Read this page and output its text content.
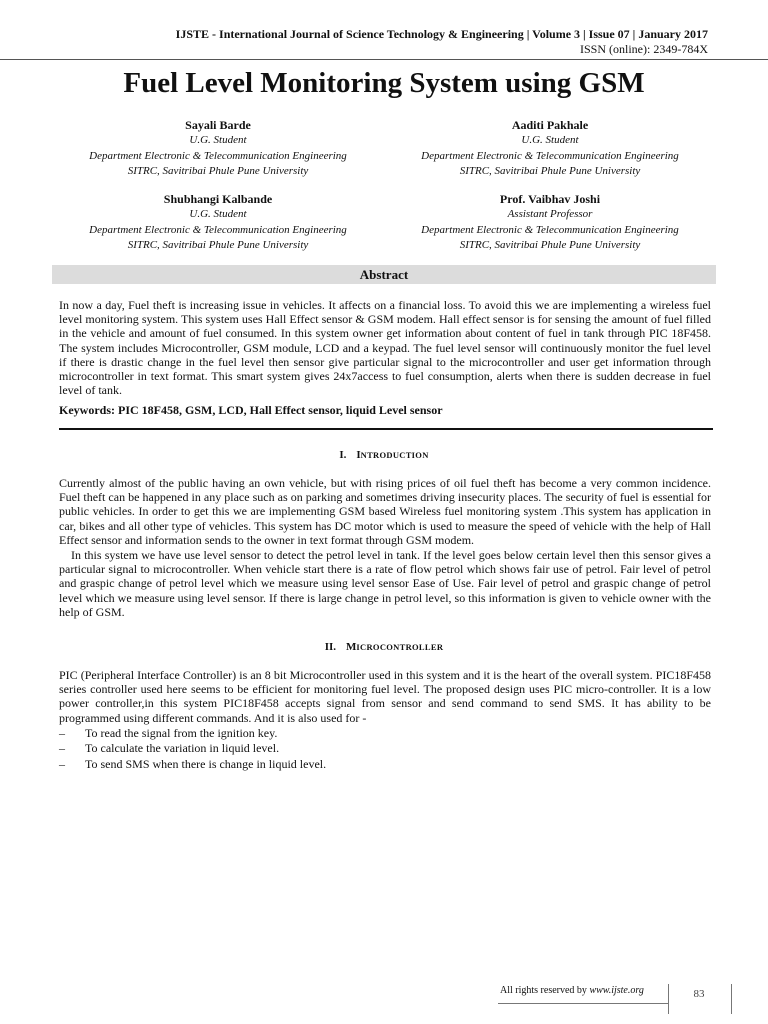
IJSTE - International Journal of Science Technology & Engineering | Volume 3 | Issue 07 | January 2017
ISSN (online): 2349-784X
Fuel Level Monitoring System using GSM
Sayali Barde
U.G. Student
Department Electronic & Telecommunication Engineering
SITRC, Savitribai Phule Pune University
Aaditi Pakhale
U.G. Student
Department Electronic & Telecommunication Engineering
SITRC, Savitribai Phule Pune University
Shubhangi Kalbande
U.G. Student
Department Electronic & Telecommunication Engineering
SITRC, Savitribai Phule Pune University
Prof. Vaibhav Joshi
Assistant Professor
Department Electronic & Telecommunication Engineering
SITRC, Savitribai Phule Pune University
Abstract
In now a day, Fuel theft is increasing issue in vehicles. It affects on a financial loss. To avoid this we are implementing a wireless fuel level monitoring system. This system uses Hall Effect sensor & GSM modem. Hall effect sensor is for sensing the amount of fuel filled in the vehicle and amount of fuel consumed. In this system owner get information about content of fuel in tank through PIC 18F458. The system includes Microcontroller, GSM module, LCD and a keypad. The fuel level sensor will continuously monitor the fuel level if there is drastic change in the fuel level then sensor give particular signal to the microcontroller and user get information through microcontroller in text format. This smart system gives 24x7access to fuel consumption, alerts when there is sudden decrease in fuel level of tank.
Keywords: PIC 18F458, GSM, LCD, Hall Effect sensor, liquid Level sensor
I. INTRODUCTION
Currently almost of the public having an own vehicle, but with rising prices of oil fuel theft has become a very common incidence. Fuel theft can be happened in any place such as on parking and sometimes driving insecurity places. The security of fuel is essential for public vehicles. In order to get this we are implementing GSM based Wireless fuel monitoring system .This system has application in car, bikes and all other type of vehicles. This system has DC motor which is used to measure the speed of vehicle with the help of Hall Effect sensor and information sends to the owner in text format through GSM modem.
In this system we have use level sensor to detect the petrol level in tank. If the level goes below certain level then this sensor gives a particular signal to microcontroller. When vehicle start there is a rate of flow petrol which shows fair use of petrol. Fair level of petrol and graspic change of petrol level which we measure using level sensor Ease of Use. Fair level of petrol and graspic change of petrol level which we measure using level sensor. If there is large change in petrol level, so this information is given to vehicle owner with the help of GSM.
II. MICROCONTROLLER
PIC (Peripheral Interface Controller) is an 8 bit Microcontroller used in this system and it is the heart of the overall system. PIC18F458 series controller used here seems to be efficient for monitoring fuel level. The proposed design uses PIC micro-controller. It is a low power controller,in this system PIC18F458 accepts signal from sensor and send command to send SMS. It has ability to be programmed using different commands. And it is also used for -
–	To read the signal from the ignition key.
–	To calculate the variation in liquid level.
–	To send SMS when there is change in liquid level.
All rights reserved by www.ijste.org	83
